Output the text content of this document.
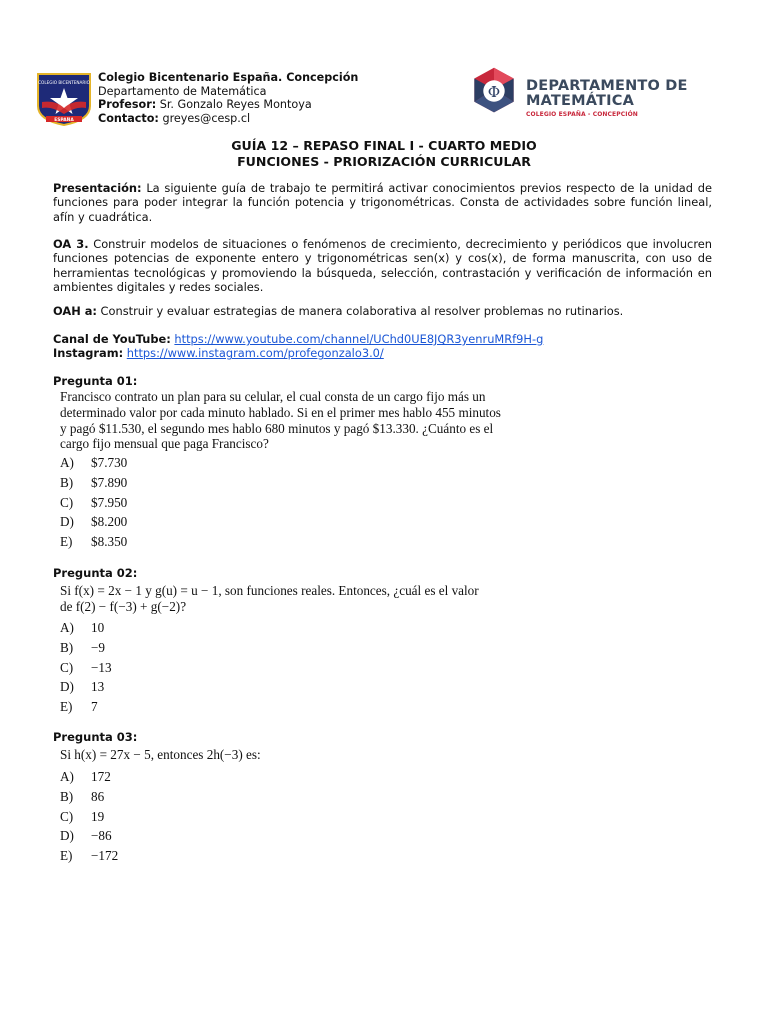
COLEGIO BICENTENARIO
ESPAÑA
Colegio Bicentenario España. Concepción
Departamento de Matemática
Profesor: Sr. Gonzalo Reyes Montoya
Contacto: greyes@cesp.cl
Φ DEPARTAMENTO DE
MATEMÁTICA
COLEGIO ESPAÑA - CONCEPCIÓN
GUÍA 12 – REPASO FINAL I - CUARTO MEDIO
FUNCIONES - PRIORIZACIÓN CURRICULAR
Presentación: La siguiente guía de trabajo te permitirá activar conocimientos previos respecto de la unidad de funciones para poder integrar la función potencia y trigonométricas. Consta de actividades sobre función lineal, afín y cuadrática.
OA 3. Construir modelos de situaciones o fenómenos de crecimiento, decrecimiento y periódicos que involucren funciones potencias de exponente entero y trigonométricas sen(x) y cos(x), de forma manuscrita, con uso de herramientas tecnológicas y promoviendo la búsqueda, selección, contrastación y verificación de información en ambientes digitales y redes sociales.
OAH a: Construir y evaluar estrategias de manera colaborativa al resolver problemas no rutinarios.
Canal de YouTube: https://www.youtube.com/channel/UChd0UE8JQR3yenruMRf9H-g
Instagram: https://www.instagram.com/profegonzalo3.0/
Pregunta 01:
Francisco contrato un plan para su celular, el cual consta de un cargo fijo más un
determinado valor por cada minuto hablado. Si en el primer mes hablo 455 minutos
y pagó $11.530, el segundo mes hablo 680 minutos y pagó $13.330. ¿Cuánto es el
cargo fijo mensual que paga Francisco?
A) $7.730
B) $7.890
C) $7.950
D) $8.200
E) $8.350
Pregunta 02:
Si f(x) = 2x − 1 y g(u) = u − 1, son funciones reales. Entonces, ¿cuál es el valor
de f(2) − f(−3) + g(−2)?
A) 10
B) −9
C) −13
D) 13
E) 7
Pregunta 03:
Si h(x) = 27x − 5, entonces 2h(−3) es:
A) 172
B) 86
C) 19
D) −86
E) −172
